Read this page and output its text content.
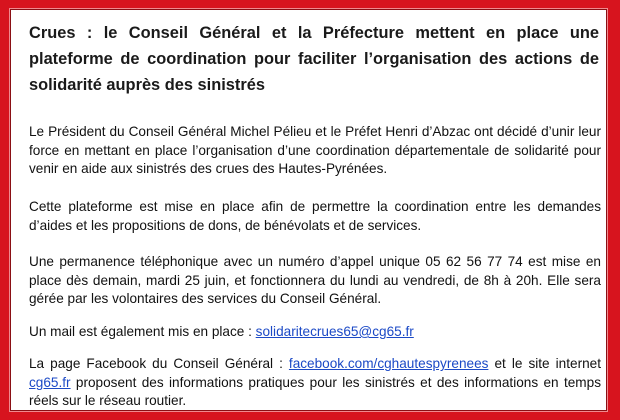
Crues : le Conseil Général et la Préfecture mettent en place une plateforme de coordination pour faciliter l’organisation des actions de solidarité auprès des sinistrés
Le Président du Conseil Général Michel Pélieu et le Préfet Henri d’Abzac ont décidé d’unir leur force en mettant en place l’organisation d’une coordination départementale de solidarité pour venir en aide aux sinistrés des crues des Hautes-Pyrénées.
Cette plateforme est mise en place afin de permettre la coordination entre les demandes d’aides et les propositions de dons, de bénévolats et de services.
Une permanence téléphonique avec un numéro d’appel unique 05 62 56 77 74 est mise en place dès demain, mardi 25 juin, et fonctionnera du lundi au vendredi, de 8h à 20h. Elle sera gérée par les volontaires des services du Conseil Général.
Un mail est également mis en place : solidaritecrues65@cg65.fr
La page Facebook du Conseil Général : facebook.com/cghautespyrenees et le site internet cg65.fr proposent des informations pratiques pour les sinistrés et des informations en temps réels sur le réseau routier.
